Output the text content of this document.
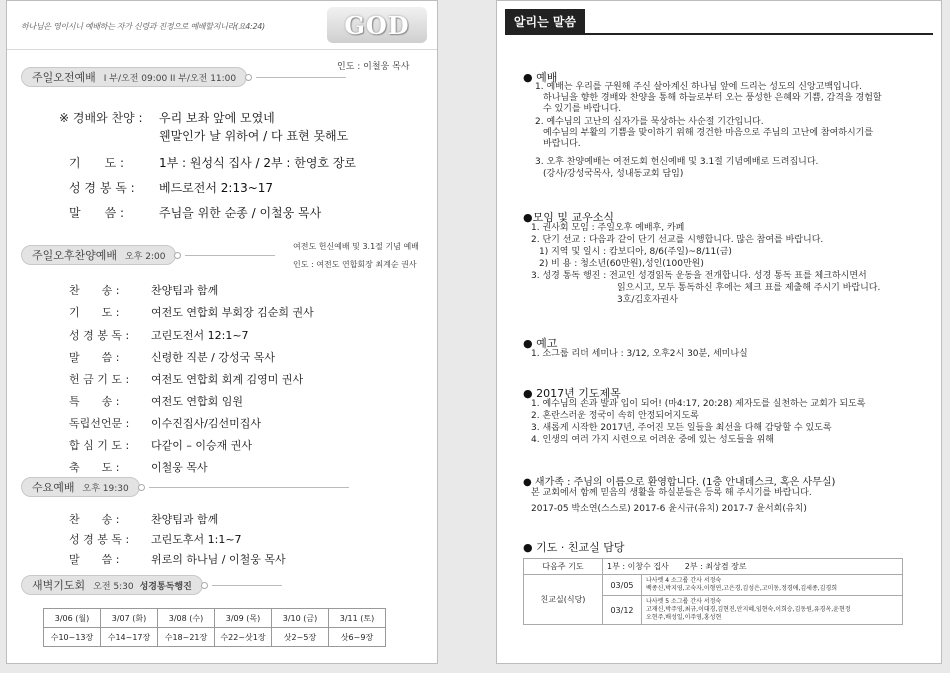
하나님은 영이시니 예배하는 자가 신령과 진정으로 예배할지니라(요4:24)	GOD
인도 : 이철웅 목사
주일오전예배 I 부/오전 09:00 II 부/오전 11:00
※ 경배와 찬양 :	우리 보좌 앞에 모였네
웬말인가 날 위하여 / 다 표현 못해도
기　　도 :	1부 : 원성식 집사 / 2부 : 한영호 장로
성 경 봉 독 :	베드로전서 2:13~17
말　　씀 :	주님을 위한 순종 / 이철웅 목사
여전도 헌신예배 및 3.1절 기념 예배
인도 : 여전도 연합회장 최계순 권사
주일오후찬양예배 오후 2:00
찬　　송 :	찬양팀과 함께
기　　도 :	여전도 연합회 부회장 김순희 권사
성 경 봉 독 :	고린도전서 12:1~7
말　　씀 :	신령한 직분 / 강성국 목사
헌 금 기 도 :	여전도 연합회 회계 김영미 권사
특　　송 :	여전도 연합회 임원
독립선언문 :	이수진집사/김선미집사
합 심 기 도 :	다같이 – 이승재 권사
축　　도 :	이철웅 목사
수요예배 오후 19:30
찬　　송 :	찬양팀과 함께
성 경 봉 독 :	고린도후서 1:1~7
말　　씀 :	위로의 하나님 / 이철웅 목사
새벽기도회 오전 5:30 성경통독행진
3/06 (월)	3/07 (화)	3/08 (수)	3/09 (목)	3/10 (금)	3/11 (토)
수10~13장	수14~17장	수18~21장	수22~삿1장	삿2~5장	삿6~9장
알리는 말씀
● 예배
1. 예배는 우리를 구원해 주신 살아계신 하나님 앞에 드리는 성도의 신앙고백입니다.
하나님을 향한 경배와 찬양을 통해 하늘로부터 오는 풍성한 은혜와 기쁨, 감격을 경험할
수 있기를 바랍니다.
2. 예수님의 고난의 십자가를 묵상하는 사순절 기간입니다.
예수님의 부활의 기쁨을 맞이하기 위해 경건한 마음으로 주님의 고난에 참여하시기를
바랍니다.
3. 오후 찬양예배는 여전도회 헌신예배 및 3.1절 기념예배로 드려집니다.
(강사/강성국목사, 성내동교회 담임)
●모임 및 교우소식
1. 권사회 모임 : 주일오후 예배후, 카페
2. 단기 선교 : 다음과 같이 단기 선교를 시행합니다. 많은 참여를 바랍니다.
1) 지역 및 일시 : 캄보디아, 8/6(주일)~8/11(금)
2) 비 용 : 청소년(60만원),성인(100만원)
3. 성경 통독 행진 : 전교인 성경읽독 운동을 전개합니다. 성경 통독 표를 체크하시면서
읽으시고, 모두 통독하신 후에는 체크 표를 제출해 주시기 바랍니다.
3호/김호자권사
● 예고
1. 소그룹 리더 세미나 : 3/12, 오후2시 30분, 세미나실
● 2017년 기도제목
1. 예수님의 손과 발과 입이 되어! (마4:17, 20:28) 제자도를 실천하는 교회가 되도록
2. 혼란스러운 정국이 속히 안정되어지도록
3. 새롭게 시작한 2017년, 주어진 모든 일들을 최선을 다해 감당할 수 있도록
4. 인생의 여러 가지 시련으로 어려운 중에 있는 성도들을 위해
● 새가족 : 주님의 이름으로 환영합니다. (1층 안내데스크, 혹은 사무실)
본 교회에서 함께 믿음의 생활을 하실분들은 등록 해 주시기를 바랍니다.
2017-05 박소연(스스로) 2017-6 윤시규(유치) 2017-7 윤서희(유치)
● 기도 · 친교실 담당
다음주 기도	1부 : 이창수 집사　　2부 : 최상겸 장로	
친교실(식당)	03/05	나사렛 4 소그룹 간사 서정숙
백종신,박지영,고숙자,이형연,고은경,김성은,고미동,정경애,김세종,김경희

	03/12	나사렛 5 소그룹 간사 서정숙
고재신,박주영,최규,이대경,김현진,안지혜,임현숙,이희승,김동원,유경옥,윤현정
오현주,배성일,이주영,홍성현
